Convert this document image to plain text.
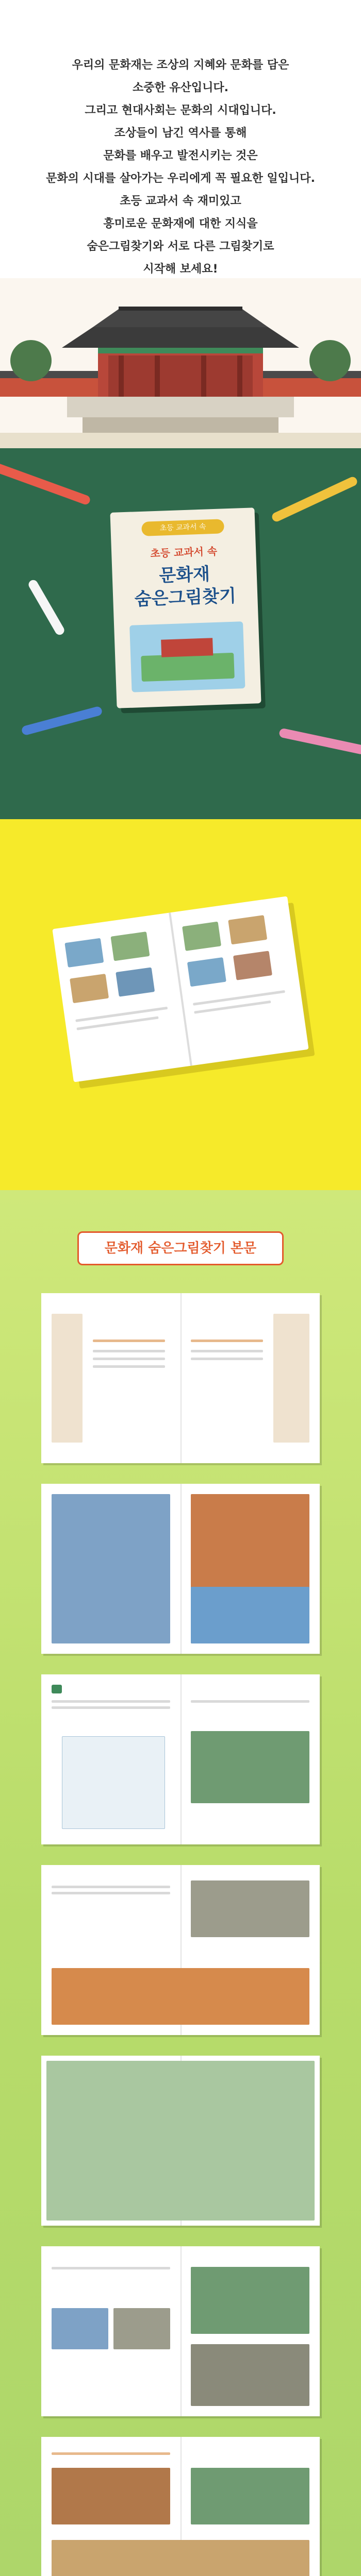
우리의 문화재는 조상의 지혜와 문화를 담은

소중한 유산입니다.

그리고 현대사회는 문화의 시대입니다.

조상들이 남긴 역사를 통해

문화를 배우고 발전시키는 것은

문화의 시대를 살아가는 우리에게 꼭 필요한 일입니다.

초등 교과서 속 재미있고

흥미로운 문화재에 대한 지식을

숨은그림찾기와 서로 다른 그림찾기로

시작해 보세요!

초등 교과서 속
초등 교과서 속
문화재
숨은그림찾기
문화재 숨은그림찾기 본문
